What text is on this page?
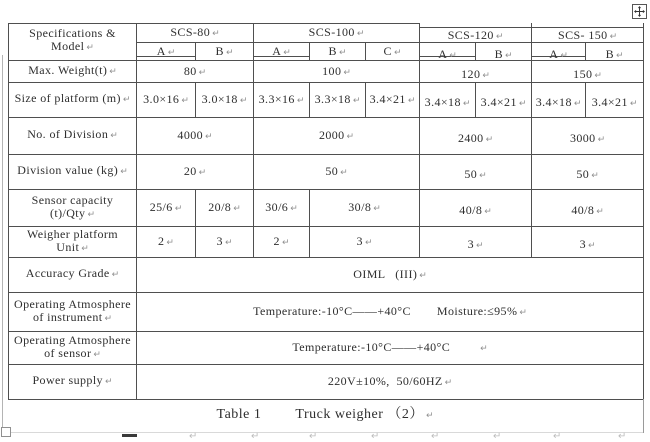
Specifications & Model ↵	SCS-80 ↵		SCS-100 ↵			SCS-120 $_↵$		SCS- 150 $_↵$
	A ↵	B ↵	A ↵	B ↵	C ↵	A $_↵$	B $_↵$	A $_↵$	B $_↵$
Max. Weight(t) ↵	80 ↵		100 ↵			120 $_↵$		150 $_↵$
Size of platform (m) ↵	3.0×16 ↵	3.0×18 ↵	3.3×16 ↵	3.3×18 ↵	3.4×21 ↵	3.4×18 $_↵$	3.4×21 $_↵$	3.4×18 $_↵$	3.4×21 $_↵$
No. of Division ↵	4000 ↵		2000 ↵			2400 $_↵$		3000 $_↵$
Division value (kg) ↵	20 ↵		50 ↵			50 $_↵$		50 $_↵$
Sensor capacity (t)/Qty ↵	25/6 ↵	20/8 ↵	30/6 ↵	30/8 ↵		40/8 $_↵$		40/8 $_↵$
Weigher platform Unit ↵	2 ↵	3 ↵	2 ↵	3 ↵		3 $_↵$		3 $_↵$
Accuracy Grade ↵	OIML   (III) ↵								
Operating Atmosphere
of instrument ↵	Temperature:-10°C——+40°C Moisture:≤95% ↵								
Operating Atmosphere
of sensor ↵	Temperature:-10°C——+40°C ↵								
Power supply ↵	220V±10%,  50/60HZ ↵								
Table 1 Truck weigher （2） ↵
↵	↵	↵	↵	↵	↵	↵	↵
